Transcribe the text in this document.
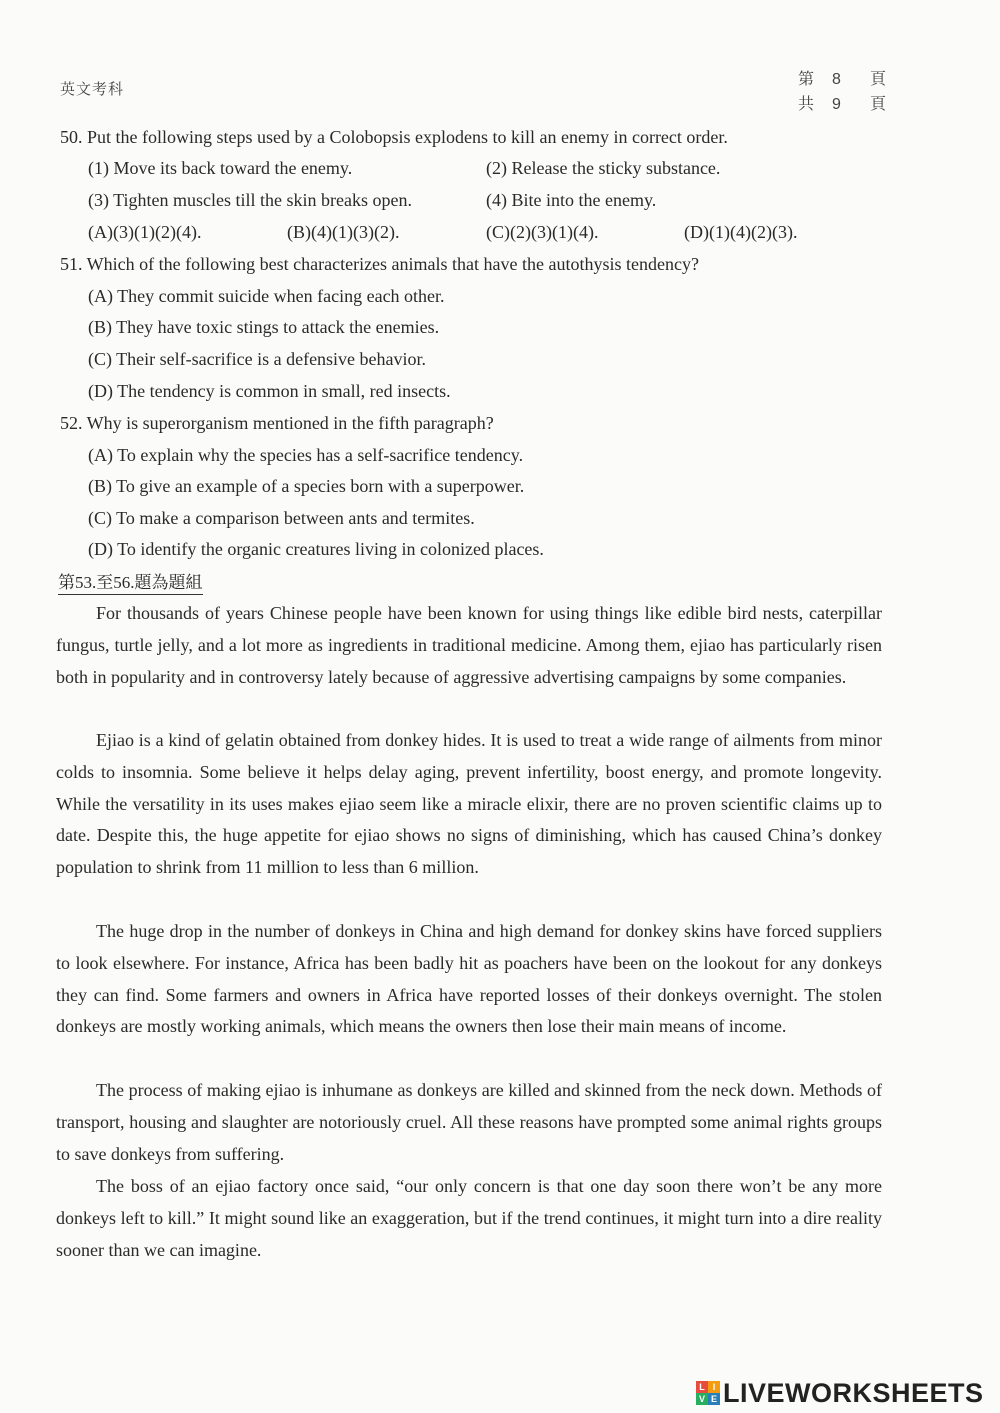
英文考科
第 8 頁
共 9 頁
50. Put the following steps used by a Colobopsis explodens to kill an enemy in correct order.
(1) Move its back toward the enemy.	(2) Release the sticky substance.
(3) Tighten muscles till the skin breaks open.	(4) Bite into the enemy.
(A)(3)(1)(2)(4).	(B)(4)(1)(3)(2).	(C)(2)(3)(1)(4).	(D)(1)(4)(2)(3).
51. Which of the following best characterizes animals that have the autothysis tendency?
(A) They commit suicide when facing each other.
(B) They have toxic stings to attack the enemies.
(C) Their self-sacrifice is a defensive behavior.
(D) The tendency is common in small, red insects.
52. Why is superorganism mentioned in the fifth paragraph?
(A) To explain why the species has a self-sacrifice tendency.
(B) To give an example of a species born with a superpower.
(C) To make a comparison between ants and termites.
(D) To identify the organic creatures living in colonized places.
第53.至56.題為題組

For thousands of years Chinese people have been known for using things like edible bird nests, caterpillar fungus, turtle jelly, and a lot more as ingredients in traditional medicine. Among them, ejiao has particularly risen both in popularity and in controversy lately because of aggressive advertising campaigns by some companies.

Ejiao is a kind of gelatin obtained from donkey hides. It is used to treat a wide range of ailments from minor colds to insomnia. Some believe it helps delay aging, prevent infertility, boost energy, and promote longevity. While the versatility in its uses makes ejiao seem like a miracle elixir, there are no proven scientific claims up to date. Despite this, the huge appetite for ejiao shows no signs of diminishing, which has caused China’s donkey population to shrink from 11 million to less than 6 million.

The huge drop in the number of donkeys in China and high demand for donkey skins have forced suppliers to look elsewhere. For instance, Africa has been badly hit as poachers have been on the lookout for any donkeys they can find. Some farmers and owners in Africa have reported losses of their donkeys overnight. The stolen donkeys are mostly working animals, which means the owners then lose their main means of income.

The process of making ejiao is inhumane as donkeys are killed and skinned from the neck down. Methods of transport, housing and slaughter are notoriously cruel. All these reasons have prompted some animal rights groups to save donkeys from suffering.

The boss of an ejiao factory once said, “our only concern is that one day soon there won’t be any more donkeys left to kill.” It might sound like an exaggeration, but if the trend continues, it might turn into a dire reality sooner than we can imagine.

L I
V E LIVEWORKSHEETS
